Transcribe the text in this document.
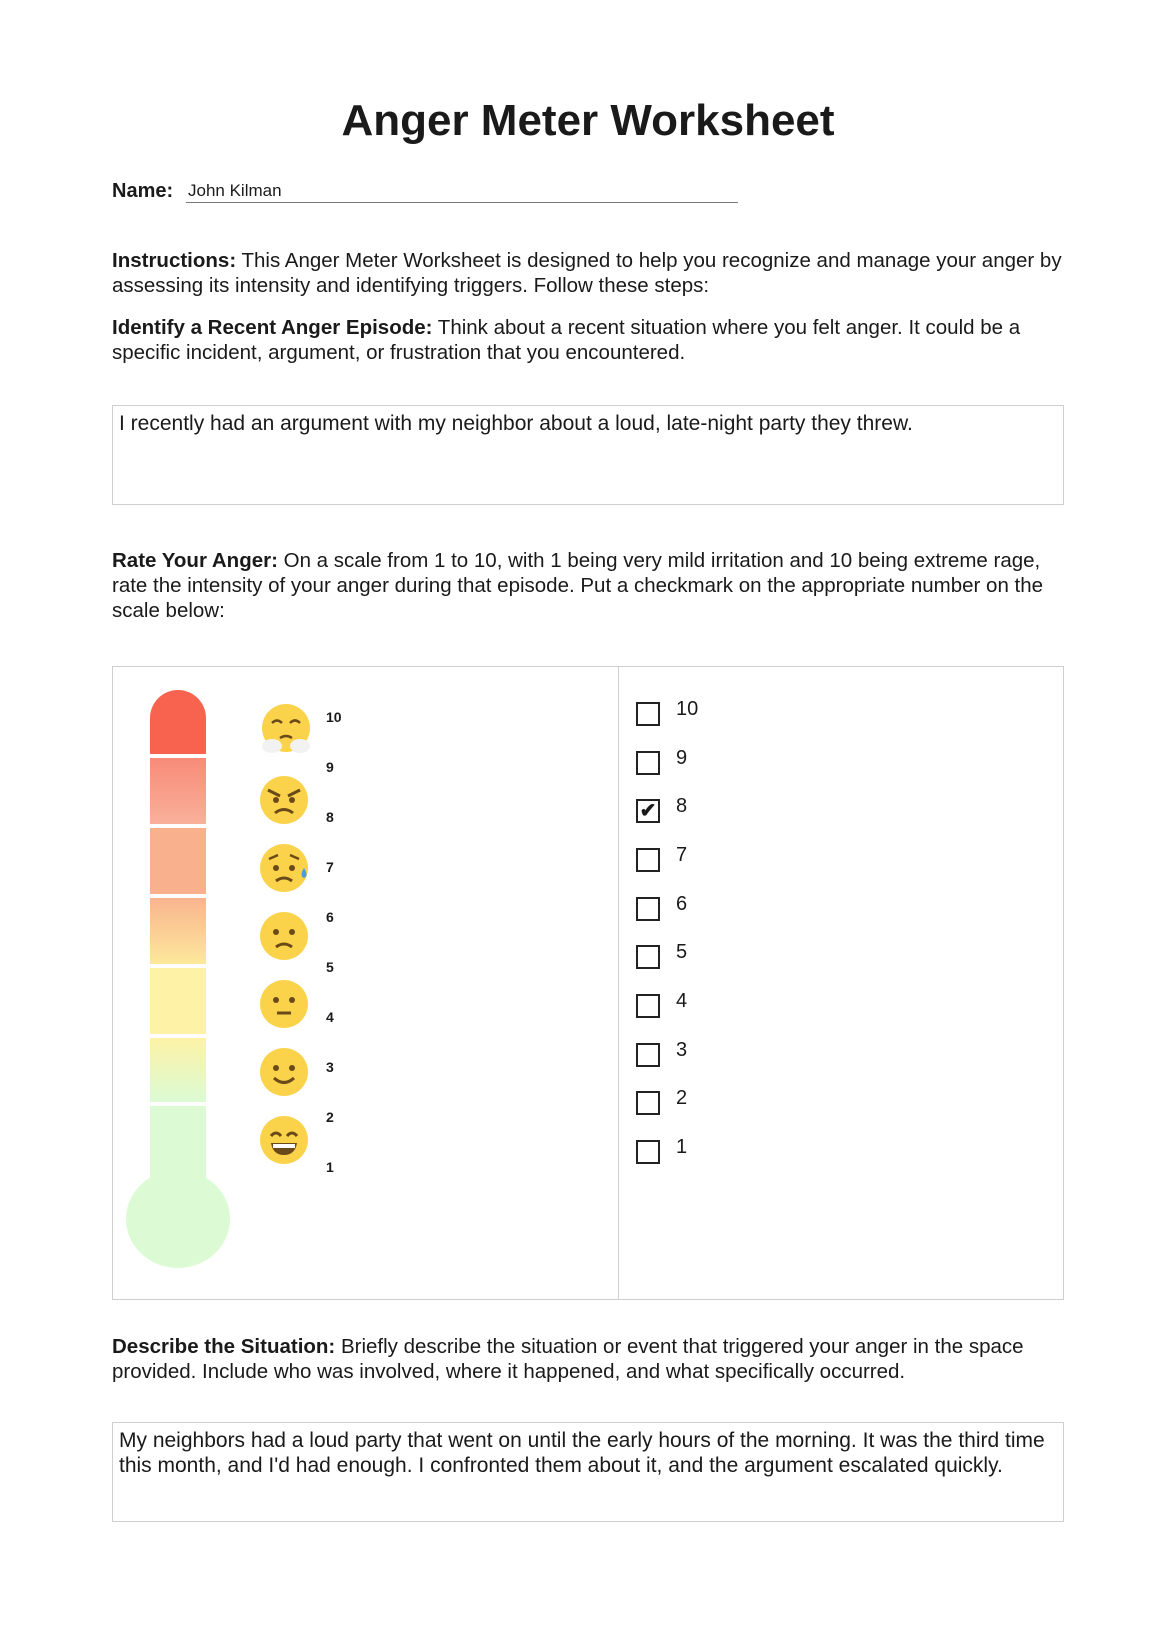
Anger Meter Worksheet
Name: John Kilman

Instructions: This Anger Meter Worksheet is designed to help you recognize and manage your anger by assessing its intensity and identifying triggers. Follow these steps:

Identify a Recent Anger Episode: Think about a recent situation where you felt anger. It could be a specific incident, argument, or frustration that you encountered.

I recently had an argument with my neighbor about a loud, late-night party they threw.

Rate Your Anger: On a scale from 1 to 10, with 1 being very mild irritation and 10 being extreme rage, rate the intensity of your anger during that episode. Put a checkmark on the appropriate number on the scale below:

10
9
8
7
6
5
4
3
2
1
10
9
✔ 8
7
6
5
4
3
2
1

Describe the Situation: Briefly describe the situation or event that triggered your anger in the space provided. Include who was involved, where it happened, and what specifically occurred.

My neighbors had a loud party that went on until the early hours of the morning. It was the third time this month, and I'd had enough. I confronted them about it, and the argument escalated quickly.
